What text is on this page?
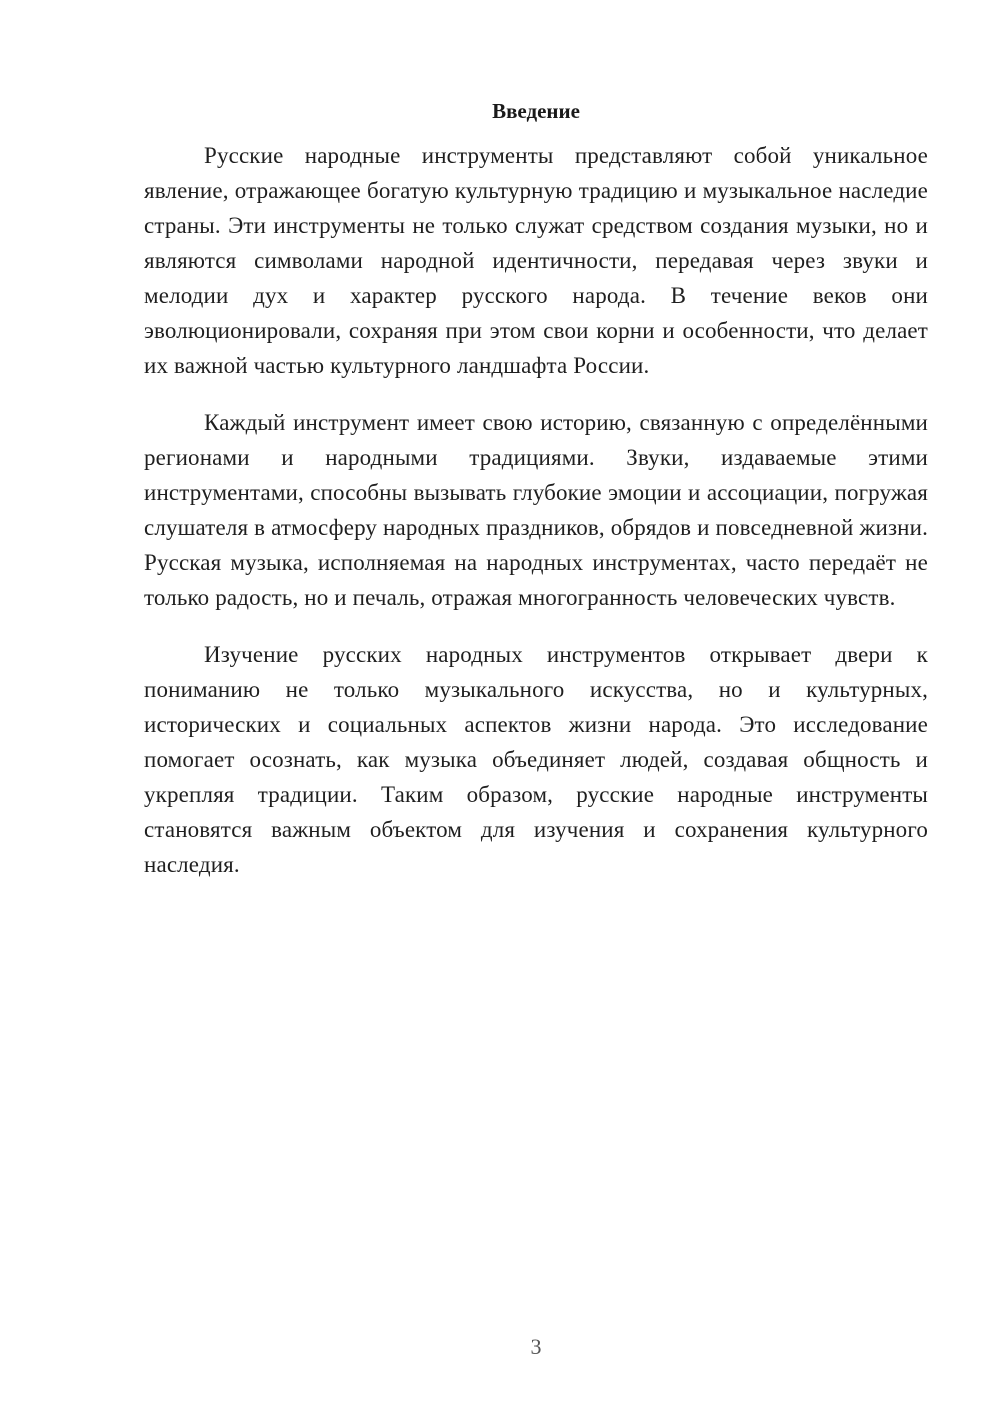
Введение

Русские народные инструменты представляют собой уникальное явление, отражающее богатую культурную традицию и музыкальное наследие страны. Эти инструменты не только служат средством создания музыки, но и являются символами народной идентичности, передавая через звуки и мелодии дух и характер русского народа. В течение веков они эволюционировали, сохраняя при этом свои корни и особенности, что делает их важной частью культурного ландшафта России.

Каждый инструмент имеет свою историю, связанную с определёнными регионами и народными традициями. Звуки, издаваемые этими инструментами, способны вызывать глубокие эмоции и ассоциации, погружая слушателя в атмосферу народных праздников, обрядов и повседневной жизни. Русская музыка, исполняемая на народных инструментах, часто передаёт не только радость, но и печаль, отражая многогранность человеческих чувств.

Изучение русских народных инструментов открывает двери к пониманию не только музыкального искусства, но и культурных, исторических и социальных аспектов жизни народа. Это исследование помогает осознать, как музыка объединяет людей, создавая общность и укрепляя традиции. Таким образом, русские народные инструменты становятся важным объектом для изучения и сохранения культурного наследия.

3
